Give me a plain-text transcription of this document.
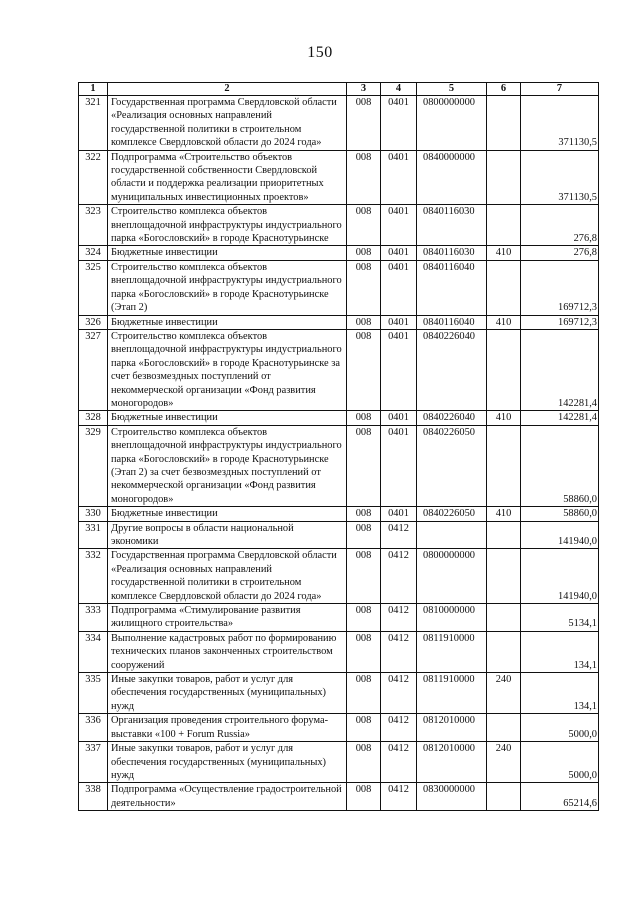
150
1	2	3	4	5	6	7
321	Государственная программа Свердловской области «Реализация основных направлений государственной политики в строительном комплексе Свердловской области до 2024 года»	008	0401	0800000000		371130,5
322	Подпрограмма «Строительство объектов государственной собственности Свердловской области и поддержка реализации приоритетных муниципальных инвестиционных проектов»	008	0401	0840000000		371130,5
323	Строительство комплекса объектов внеплощадочной инфраструктуры индустриального парка «Богословский» в городе Краснотурьинске	008	0401	0840116030		276,8
324	Бюджетные инвестиции	008	0401	0840116030	410	276,8
325	Строительство комплекса объектов внеплощадочной инфраструктуры индустриального парка «Богословский» в городе Краснотурьинске (Этап 2)	008	0401	0840116040		169712,3
326	Бюджетные инвестиции	008	0401	0840116040	410	169712,3
327	Строительство комплекса объектов внеплощадочной инфраструктуры индустриального парка «Богословский» в городе Краснотурьинске за счет безвозмездных поступлений от некоммерческой организации «Фонд развития моногородов»	008	0401	0840226040		142281,4
328	Бюджетные инвестиции	008	0401	0840226040	410	142281,4
329	Строительство комплекса объектов внеплощадочной инфраструктуры индустриального парка «Богословский» в городе Краснотурьинске (Этап 2) за счет безвозмездных поступлений от некоммерческой организации «Фонд развития моногородов»	008	0401	0840226050		58860,0
330	Бюджетные инвестиции	008	0401	0840226050	410	58860,0
331	Другие вопросы в области национальной экономики	008	0412			141940,0
332	Государственная программа Свердловской области «Реализация основных направлений государственной политики в строительном комплексе Свердловской области до 2024 года»	008	0412	0800000000		141940,0
333	Подпрограмма «Стимулирование развития жилищного строительства»	008	0412	0810000000		5134,1
334	Выполнение кадастровых работ по формированию технических планов законченных строительством сооружений	008	0412	0811910000		134,1
335	Иные закупки товаров, работ и услуг для обеспечения государственных (муниципальных) нужд	008	0412	0811910000	240	134,1
336	Организация проведения строительного форума-выставки «100 + Forum Russia»	008	0412	0812010000		5000,0
337	Иные закупки товаров, работ и услуг для обеспечения государственных (муниципальных) нужд	008	0412	0812010000	240	5000,0
338	Подпрограмма «Осуществление градостроительной деятельности»	008	0412	0830000000		65214,6
